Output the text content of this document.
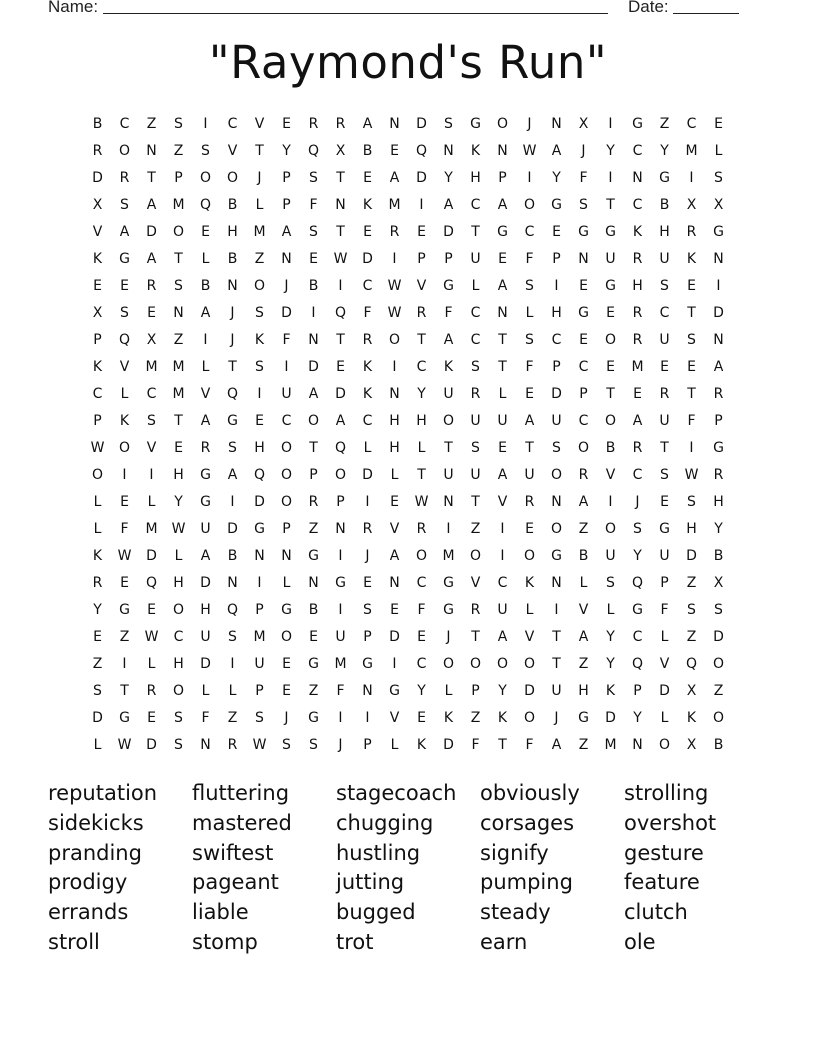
Name:	Date:
"Raymond's Run"
B	C	Z	S	I	C	V	E	R	R	A	N	D	S	G	O	J	N	X	I	G	Z	C	E
R	O	N	Z	S	V	T	Y	Q	X	B	E	Q	N	K	N	W	A	J	Y	C	Y	M	L
D	R	T	P	O	O	J	P	S	T	E	A	D	Y	H	P	I	Y	F	I	N	G	I	S
X	S	A	M	Q	B	L	P	F	N	K	M	I	A	C	A	O	G	S	T	C	B	X	X
V	A	D	O	E	H	M	A	S	T	E	R	E	D	T	G	C	E	G	G	K	H	R	G
K	G	A	T	L	B	Z	N	E	W	D	I	P	P	U	E	F	P	N	U	R	U	K	N
E	E	R	S	B	N	O	J	B	I	C	W	V	G	L	A	S	I	E	G	H	S	E	I
X	S	E	N	A	J	S	D	I	Q	F	W	R	F	C	N	L	H	G	E	R	C	T	D
P	Q	X	Z	I	J	K	F	N	T	R	O	T	A	C	T	S	C	E	O	R	U	S	N
K	V	M	M	L	T	S	I	D	E	K	I	C	K	S	T	F	P	C	E	M	E	E	A
C	L	C	M	V	Q	I	U	A	D	K	N	Y	U	R	L	E	D	P	T	E	R	T	R
P	K	S	T	A	G	E	C	O	A	C	H	H	O	U	U	A	U	C	O	A	U	F	P
W	O	V	E	R	S	H	O	T	Q	L	H	L	T	S	E	T	S	O	B	R	T	I	G
O	I	I	H	G	A	Q	O	P	O	D	L	T	U	U	A	U	O	R	V	C	S	W	R
L	E	L	Y	G	I	D	O	R	P	I	E	W	N	T	V	R	N	A	I	J	E	S	H
L	F	M	W	U	D	G	P	Z	N	R	V	R	I	Z	I	E	O	Z	O	S	G	H	Y
K	W	D	L	A	B	N	N	G	I	J	A	O	M	O	I	O	G	B	U	Y	U	D	B
R	E	Q	H	D	N	I	L	N	G	E	N	C	G	V	C	K	N	L	S	Q	P	Z	X
Y	G	E	O	H	Q	P	G	B	I	S	E	F	G	R	U	L	I	V	L	G	F	S	S
E	Z	W	C	U	S	M	O	E	U	P	D	E	J	T	A	V	T	A	Y	C	L	Z	D
Z	I	L	H	D	I	U	E	G	M	G	I	C	O	O	O	O	T	Z	Y	Q	V	Q	O
S	T	R	O	L	L	P	E	Z	F	N	G	Y	L	P	Y	D	U	H	K	P	D	X	Z
D	G	E	S	F	Z	S	J	G	I	I	V	E	K	Z	K	O	J	G	D	Y	L	K	O
L	W	D	S	N	R	W	S	S	J	P	L	K	D	F	T	F	A	Z	M	N	O	X	B
reputation	fluttering	stagecoach	obviously	strolling
sidekicks	mastered	chugging	corsages	overshot
pranding	swiftest	hustling	signify	gesture
prodigy	pageant	jutting	pumping	feature
errands	liable	bugged	steady	clutch
stroll	stomp	trot	earn	ole
